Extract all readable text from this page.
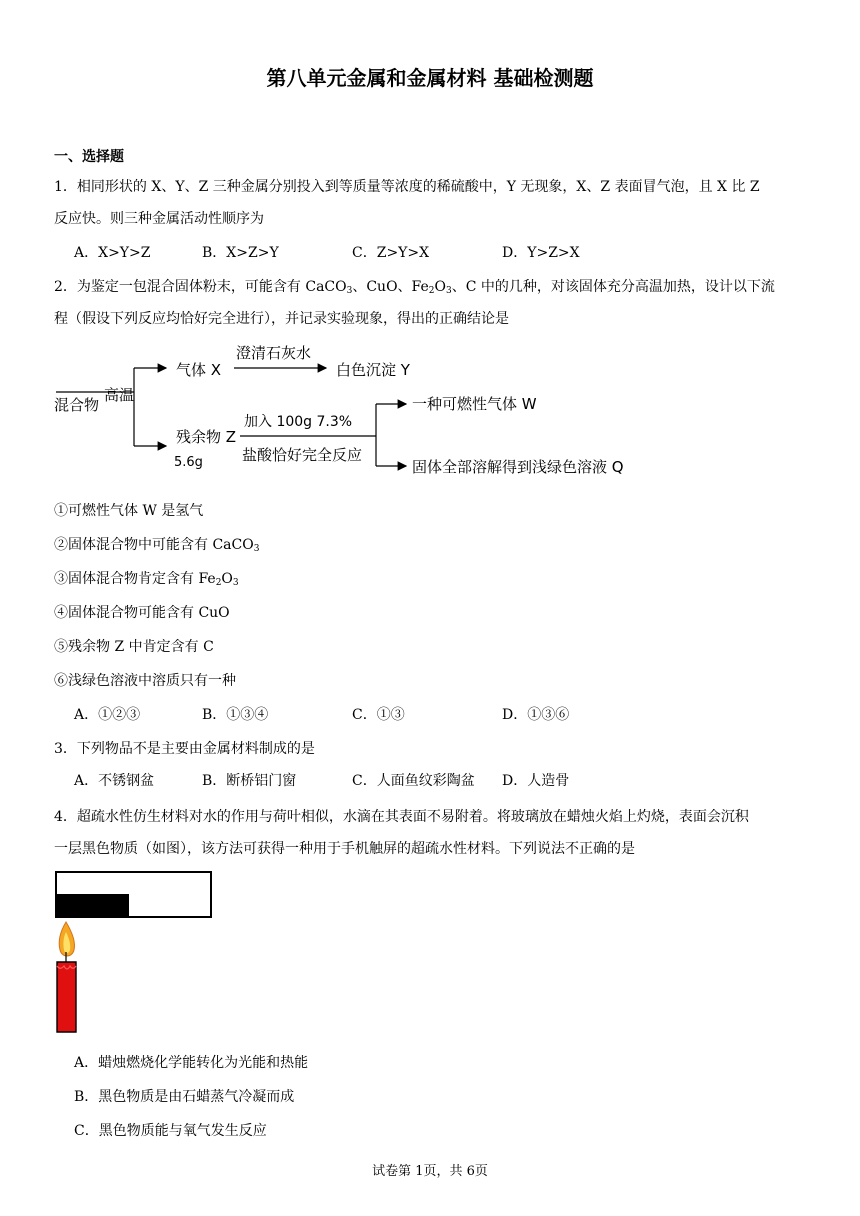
第八单元金属和金属材料 基础检测题
一、选择题
1．相同形状的 X、Y、Z 三种金属分别投入到等质量等浓度的稀硫酸中，Y 无现象，X、Z 表面冒气泡，且 X 比 Z
反应快。则三种金属活动性顺序为
A．X>Y>Z	B．X>Z>Y	C．Z>Y>X	D．Y>Z>X
2．为鉴定一包混合固体粉末，可能含有 CaCO$_3$、CuO、$Fe_2O_3$、C 中的几种，对该固体充分高温加热，设计以下流
程（假设下列反应均恰好完全进行），并记录实验现象，得出的正确结论是
混合物
高温
气体 X
澄清石灰水
白色沉淀 Y
残余物 Z
5.6g
加入 100g 7.3%
盐酸恰好完全反应
一种可燃性气体 W
固体全部溶解得到浅绿色溶液 Q
①可燃性气体 W 是氢气
②固体混合物中可能含有 CaCO$_3$
③固体混合物肯定含有 $Fe_2O_3$
④固体混合物可能含有 CuO
⑤残余物 Z 中肯定含有 C
⑥浅绿色溶液中溶质只有一种
A．①②③	B．①③④	C．①③	D．①③⑥
3．下列物品不是主要由金属材料制成的是
A．不锈钢盆	B．断桥铝门窗	C．人面鱼纹彩陶盆 D．人造骨
4．超疏水性仿生材料对水的作用与荷叶相似，水滴在其表面不易附着。将玻璃放在蜡烛火焰上灼烧，表面会沉积
一层黑色物质（如图），该方法可获得一种用于手机触屏的超疏水性材料。下列说法不正确的是
A．蜡烛燃烧化学能转化为光能和热能
B．黑色物质是由石蜡蒸气冷凝而成
C．黑色物质能与氧气发生反应
试卷第 1页，共 6页
